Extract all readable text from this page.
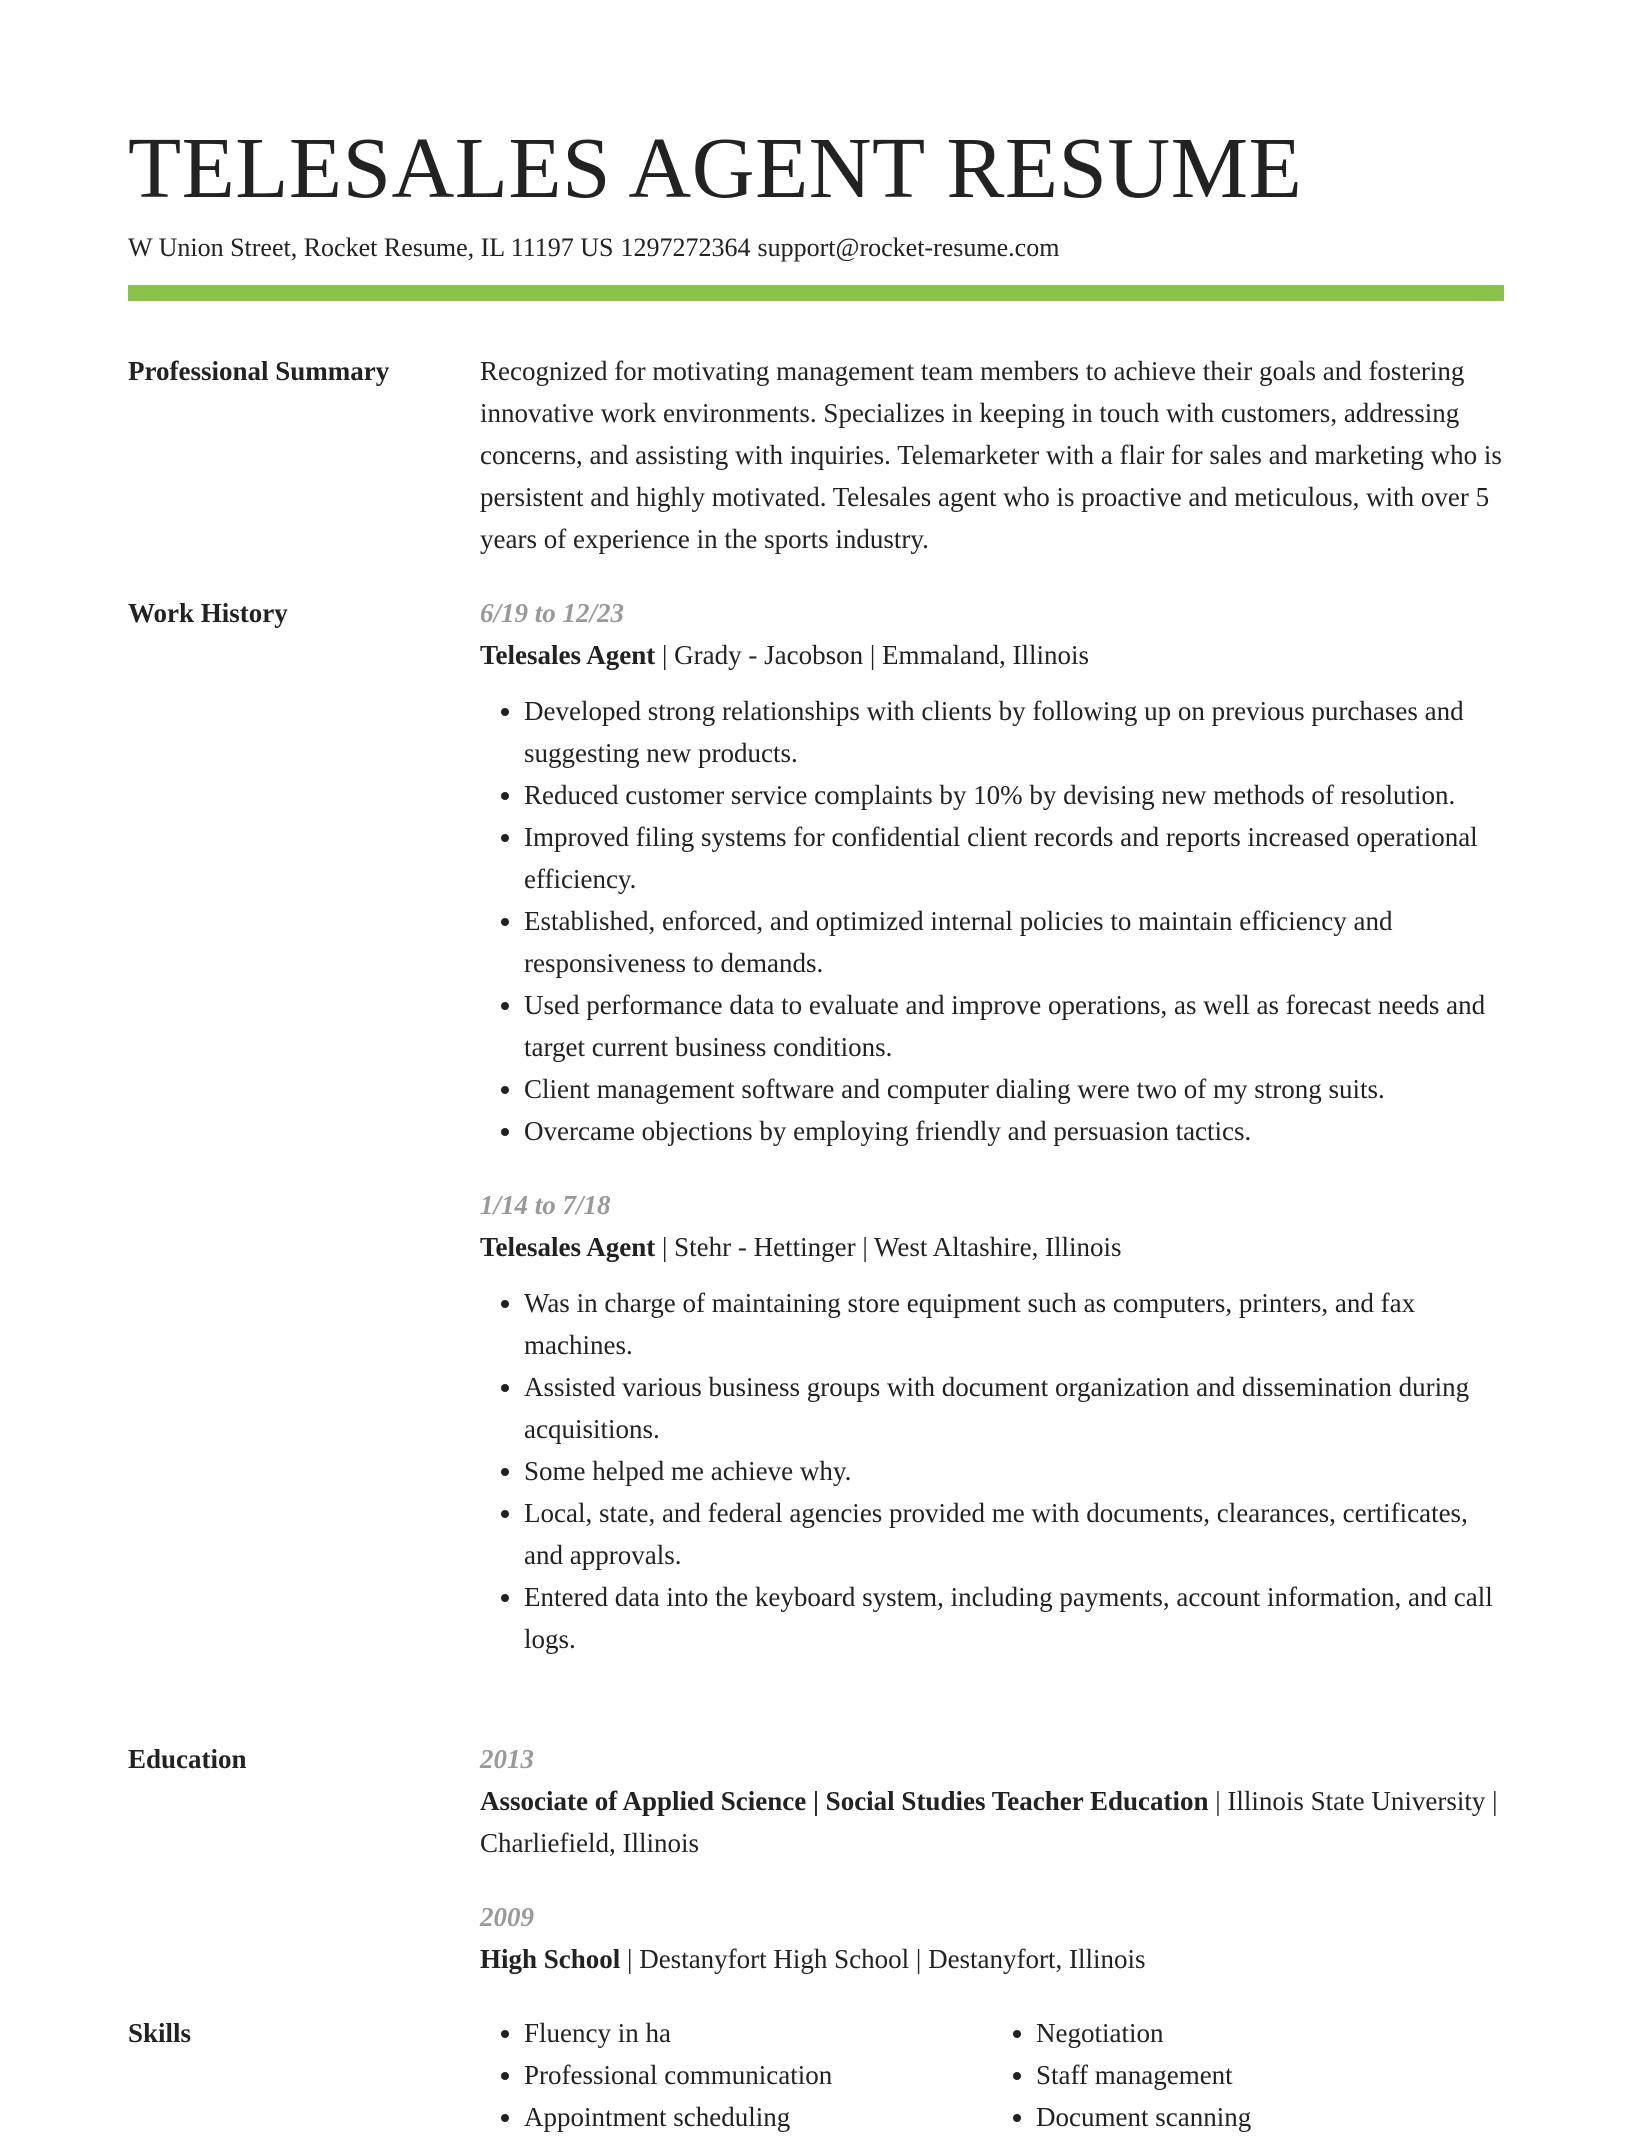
TELESALES AGENT RESUME
W Union Street, Rocket Resume, IL 11197 US 1297272364 support@rocket-resume.com
Professional Summary	Recognized for motivating management team members to achieve their goals and fostering innovative work environments. Specializes in keeping in touch with customers, addressing concerns, and assisting with inquiries. Telemarketer with a flair for sales and marketing who is persistent and highly motivated. Telesales agent who is proactive and meticulous, with over 5 years of experience in the sports industry.

Work History	6/19 to 12/23
Telesales Agent | Grady - Jacobson | Emmaland, Illinois
• Developed strong relationships with clients by following up on previous purchases and suggesting new products.
• Reduced customer service complaints by 10% by devising new methods of resolution.
• Improved filing systems for confidential client records and reports increased operational efficiency.
• Established, enforced, and optimized internal policies to maintain efficiency and responsiveness to demands.
• Used performance data to evaluate and improve operations, as well as forecast needs and target current business conditions.
• Client management software and computer dialing were two of my strong suits.
• Overcame objections by employing friendly and persuasion tactics.
1/14 to 7/18
Telesales Agent | Stehr - Hettinger | West Altashire, Illinois
• Was in charge of maintaining store equipment such as computers, printers, and fax machines.
• Assisted various business groups with document organization and dissemination during acquisitions.
• Some helped me achieve why.
• Local, state, and federal agencies provided me with documents, clearances, certificates, and approvals.
• Entered data into the keyboard system, including payments, account information, and call logs.
Education	2013
Associate of Applied Science | Social Studies Teacher Education | Illinois State University | Charliefield, Illinois
2009
High School | Destanyfort High School | Destanyfort, Illinois
Skills
•	Fluency in ha
• Professional communication
• Appointment scheduling
• Negotiation
• Staff management
• Document scanning
